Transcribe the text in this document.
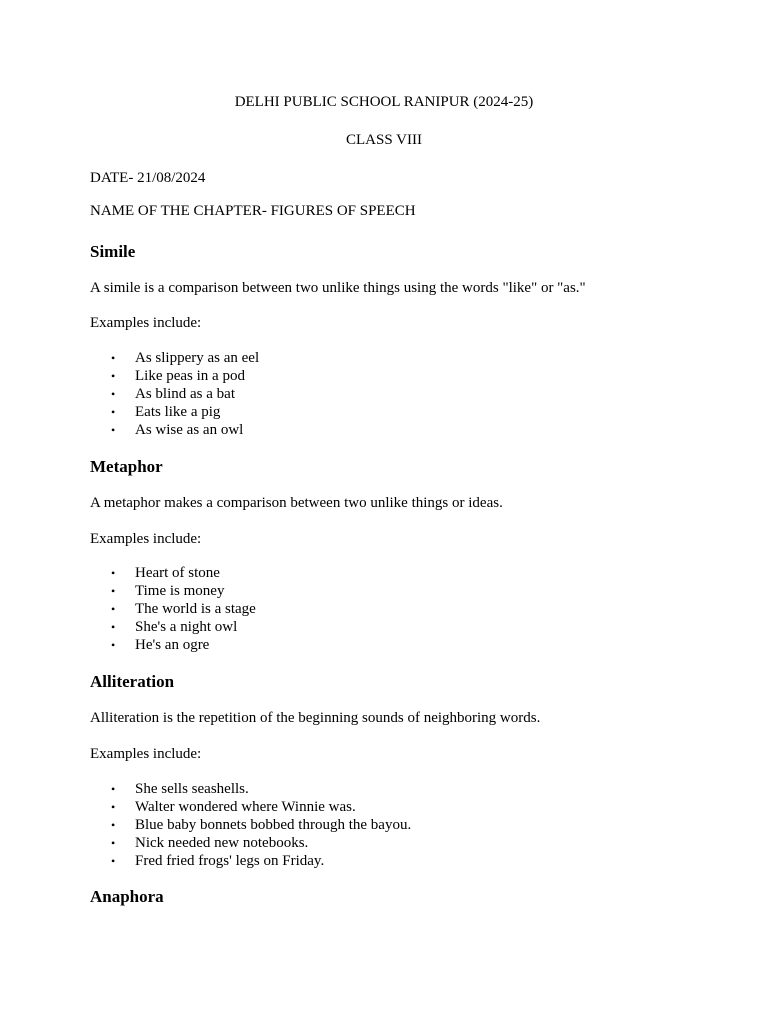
DELHI PUBLIC SCHOOL RANIPUR (2024-25)

CLASS VIII

DATE- 21/08/2024

NAME OF THE CHAPTER- FIGURES OF SPEECH

Simile

A simile is a comparison between two unlike things using the words "like" or "as."

Examples include:

• As slippery as an eel
• Like peas in a pod
• As blind as a bat
• Eats like a pig
• As wise as an owl
Metaphor

A metaphor makes a comparison between two unlike things or ideas.

Examples include:

• Heart of stone
• Time is money
• The world is a stage
• She's a night owl
• He's an ogre
Alliteration

Alliteration is the repetition of the beginning sounds of neighboring words.

Examples include:

• She sells seashells.
• Walter wondered where Winnie was.
• Blue baby bonnets bobbed through the bayou.
• Nick needed new notebooks.
• Fred fried frogs' legs on Friday.
Anaphora
